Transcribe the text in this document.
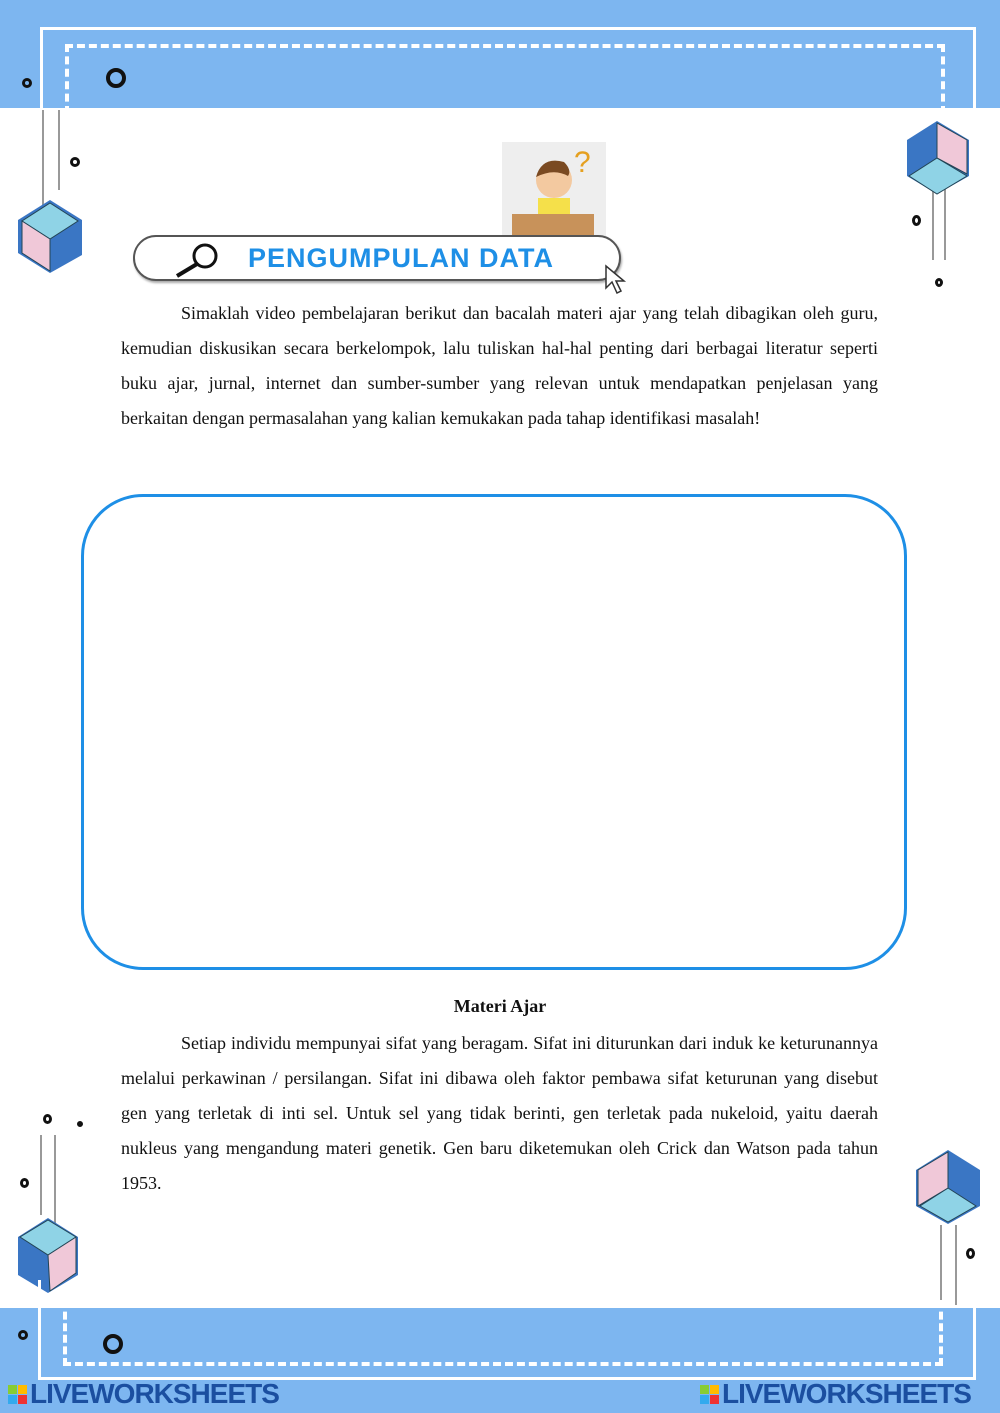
?
PENGUMPULAN DATA

Simaklah video pembelajaran berikut dan bacalah materi ajar yang telah dibagikan oleh guru, kemudian diskusikan secara berkelompok, lalu tuliskan hal-hal penting dari berbagai literatur seperti buku ajar, jurnal, internet dan sumber-sumber yang relevan untuk mendapatkan penjelasan yang berkaitan dengan permasalahan yang kalian kemukakan pada tahap identifikasi masalah!

Materi Ajar

Setiap individu mempunyai sifat yang beragam. Sifat ini diturunkan dari induk ke keturunannya melalui perkawinan / persilangan. Sifat ini dibawa oleh faktor pembawa sifat keturunan yang disebut gen yang terletak di inti sel. Untuk sel yang tidak berinti, gen terletak pada nukeloid, yaitu daerah nukleus yang mengandung materi genetik. Gen baru diketemukan oleh Crick dan Watson pada tahun 1953.

LIVEWORKSHEETS	LIVEWORKSHEETS
